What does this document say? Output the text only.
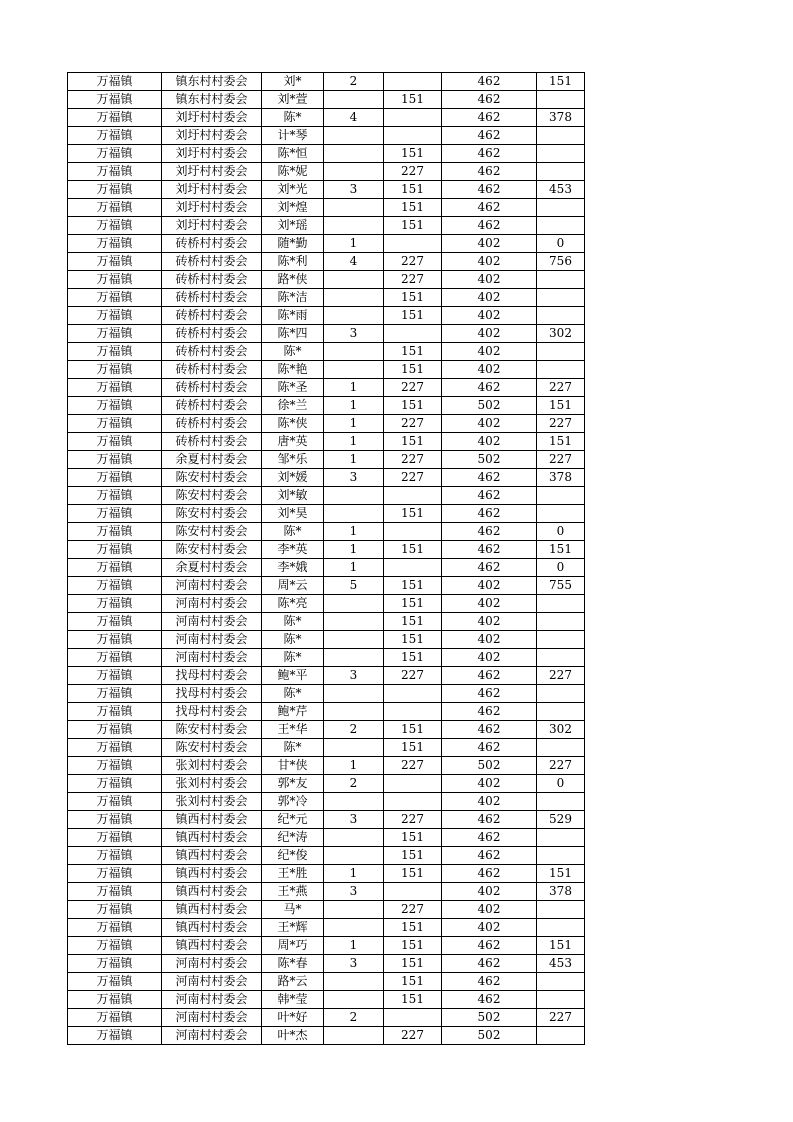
万福镇	镇东村村委会	刘*	2		462	151
万福镇	镇东村村委会	刘*萱		151	462	
万福镇	刘圩村村委会	陈*	4		462	378
万福镇	刘圩村村委会	计*琴			462	
万福镇	刘圩村村委会	陈*恒		151	462	
万福镇	刘圩村村委会	陈*妮		227	462	
万福镇	刘圩村村委会	刘*光	3	151	462	453
万福镇	刘圩村村委会	刘*煌		151	462	
万福镇	刘圩村村委会	刘*瑶		151	462	
万福镇	砖桥村村委会	随*勤	1		402	0
万福镇	砖桥村村委会	陈*利	4	227	402	756
万福镇	砖桥村村委会	路*侠		227	402	
万福镇	砖桥村村委会	陈*洁		151	402	
万福镇	砖桥村村委会	陈*雨		151	402	
万福镇	砖桥村村委会	陈*四	3		402	302
万福镇	砖桥村村委会	陈*		151	402	
万福镇	砖桥村村委会	陈*艳		151	402	
万福镇	砖桥村村委会	陈*圣	1	227	462	227
万福镇	砖桥村村委会	徐*兰	1	151	502	151
万福镇	砖桥村村委会	陈*侠	1	227	402	227
万福镇	砖桥村村委会	唐*英	1	151	402	151
万福镇	余夏村村委会	邹*乐	1	227	502	227
万福镇	陈安村村委会	刘*媛	3	227	462	378
万福镇	陈安村村委会	刘*敏			462	
万福镇	陈安村村委会	刘*昊		151	462	
万福镇	陈安村村委会	陈*	1		462	0
万福镇	陈安村村委会	李*英	1	151	462	151
万福镇	余夏村村委会	李*娥	1		462	0
万福镇	河南村村委会	周*云	5	151	402	755
万福镇	河南村村委会	陈*亮		151	402	
万福镇	河南村村委会	陈*		151	402	
万福镇	河南村村委会	陈*		151	402	
万福镇	河南村村委会	陈*		151	402	
万福镇	找母村村委会	鲍*平	3	227	462	227
万福镇	找母村村委会	陈*			462	
万福镇	找母村村委会	鲍*芹			462	
万福镇	陈安村村委会	王*华	2	151	462	302
万福镇	陈安村村委会	陈*		151	462	
万福镇	张刘村村委会	甘*侠	1	227	502	227
万福镇	张刘村村委会	郭*友	2		402	0
万福镇	张刘村村委会	郭*冷			402	
万福镇	镇西村村委会	纪*元	3	227	462	529
万福镇	镇西村村委会	纪*涛		151	462	
万福镇	镇西村村委会	纪*俊		151	462	
万福镇	镇西村村委会	王*胜	1	151	462	151
万福镇	镇西村村委会	王*燕	3		402	378
万福镇	镇西村村委会	马*		227	402	
万福镇	镇西村村委会	王*辉		151	402	
万福镇	镇西村村委会	周*巧	1	151	462	151
万福镇	河南村村委会	陈*春	3	151	462	453
万福镇	河南村村委会	路*云		151	462	
万福镇	河南村村委会	韩*莹		151	462	
万福镇	河南村村委会	叶*好	2		502	227
万福镇	河南村村委会	叶*杰		227	502	
